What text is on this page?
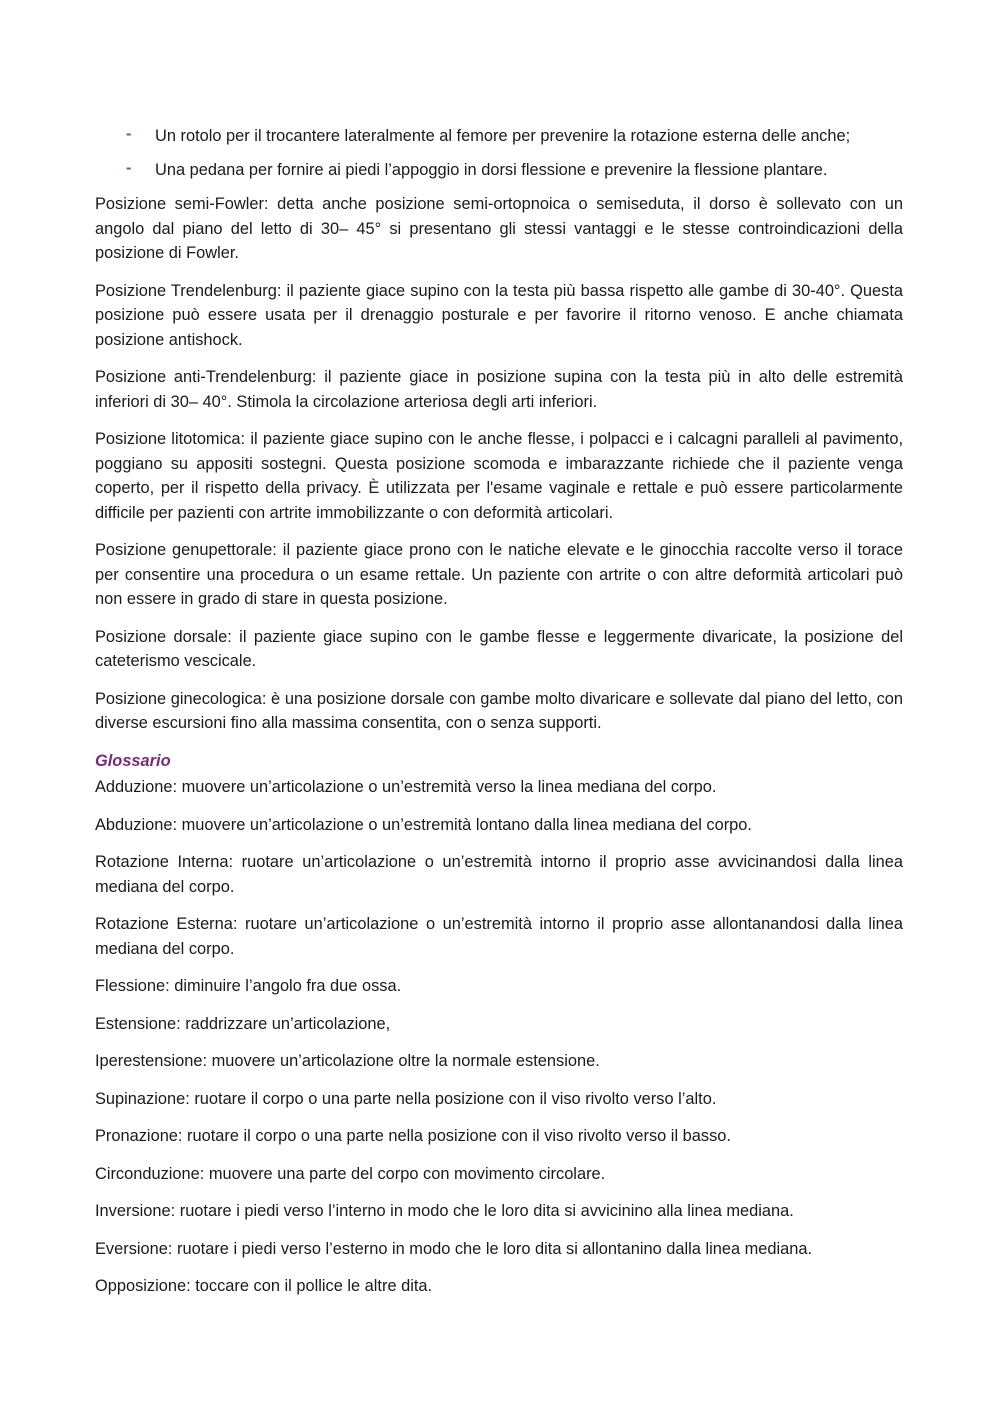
- Un rotolo per il trocantere lateralmente al femore per prevenire la rotazione esterna delle anche;
- Una pedana per fornire ai piedi l’appoggio in dorsi flessione e prevenire la flessione plantare.

Posizione semi-Fowler: detta anche posizione semi-ortopnoica o semiseduta, il dorso è sollevato con un angolo dal piano del letto di 30– 45° si presentano gli stessi vantaggi e le stesse controindicazioni della posizione di Fowler.

Posizione Trendelenburg: il paziente giace supino con la testa più bassa rispetto alle gambe di 30-40°. Questa posizione può essere usata per il drenaggio posturale e per favorire il ritorno venoso. E anche chiamata posizione antishock.

Posizione anti-Trendelenburg: il paziente giace in posizione supina con la testa più in alto delle estremità inferiori di 30– 40°. Stimola la circolazione arteriosa degli arti inferiori.

Posizione litotomica: il paziente giace supino con le anche flesse, i polpacci e i calcagni paralleli al pavimento, poggiano su appositi sostegni. Questa posizione scomoda e imbarazzante richiede che il paziente venga coperto, per il rispetto della privacy. È utilizzata per l'esame vaginale e rettale e può essere particolarmente difficile per pazienti con artrite immobilizzante o con deformità articolari.

Posizione genupettorale: il paziente giace prono con le natiche elevate e le ginocchia raccolte verso il torace per consentire una procedura o un esame rettale. Un paziente con artrite o con altre deformità articolari può non essere in grado di stare in questa posizione.

Posizione dorsale: il paziente giace supino con le gambe flesse e leggermente divaricate, la posizione del cateterismo vescicale.

Posizione ginecologica: è una posizione dorsale con gambe molto divaricare e sollevate dal piano del letto, con diverse escursioni fino alla massima consentita, con o senza supporti.

Glossario

Adduzione: muovere un’articolazione o un’estremità verso la linea mediana del corpo.

Abduzione: muovere un’articolazione o un’estremità lontano dalla linea mediana del corpo.

Rotazione Interna: ruotare un’articolazione o un’estremità intorno il proprio asse avvicinandosi dalla linea mediana del corpo.

Rotazione Esterna: ruotare un’articolazione o un’estremità intorno il proprio asse allontanandosi dalla linea mediana del corpo.

Flessione: diminuire l’angolo fra due ossa.

Estensione: raddrizzare un’articolazione,

Iperestensione: muovere un’articolazione oltre la normale estensione.

Supinazione: ruotare il corpo o una parte nella posizione con il viso rivolto verso l’alto.

Pronazione: ruotare il corpo o una parte nella posizione con il viso rivolto verso il basso.

Circonduzione: muovere una parte del corpo con movimento circolare.

Inversione: ruotare i piedi verso l’interno in modo che le loro dita si avvicinino alla linea mediana.

Eversione: ruotare i piedi verso l’esterno in modo che le loro dita si allontanino dalla linea mediana.

Opposizione: toccare con il pollice le altre dita.
